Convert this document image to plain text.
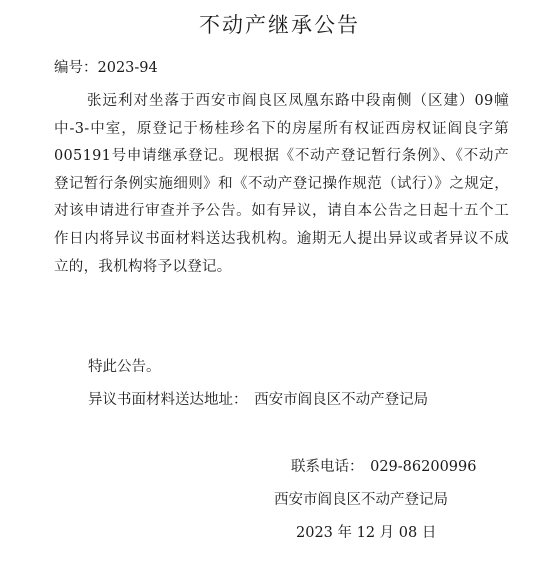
不动产继承公告
编号：2023-94
张远利对坐落于西安市阎良区凤凰东路中段南侧（区建）09幢中-3-中室，原登记于杨桂珍名下的房屋所有权证西房权证阎良字第005191号申请继承登记。现根据《不动产登记暂行条例》、《不动产登记暂行条例实施细则》和《不动产登记操作规范（试行）》之规定，对该申请进行审查并予公告。如有异议，请自本公告之日起十五个工作日内将异议书面材料送达我机构。逾期无人提出异议或者异议不成立的，我机构将予以登记。
特此公告。
异议书面材料送达地址： 西安市阎良区不动产登记局
联系电话： 029-86200996
西安市阎良区不动产登记局
2023 年 12 月 08 日
